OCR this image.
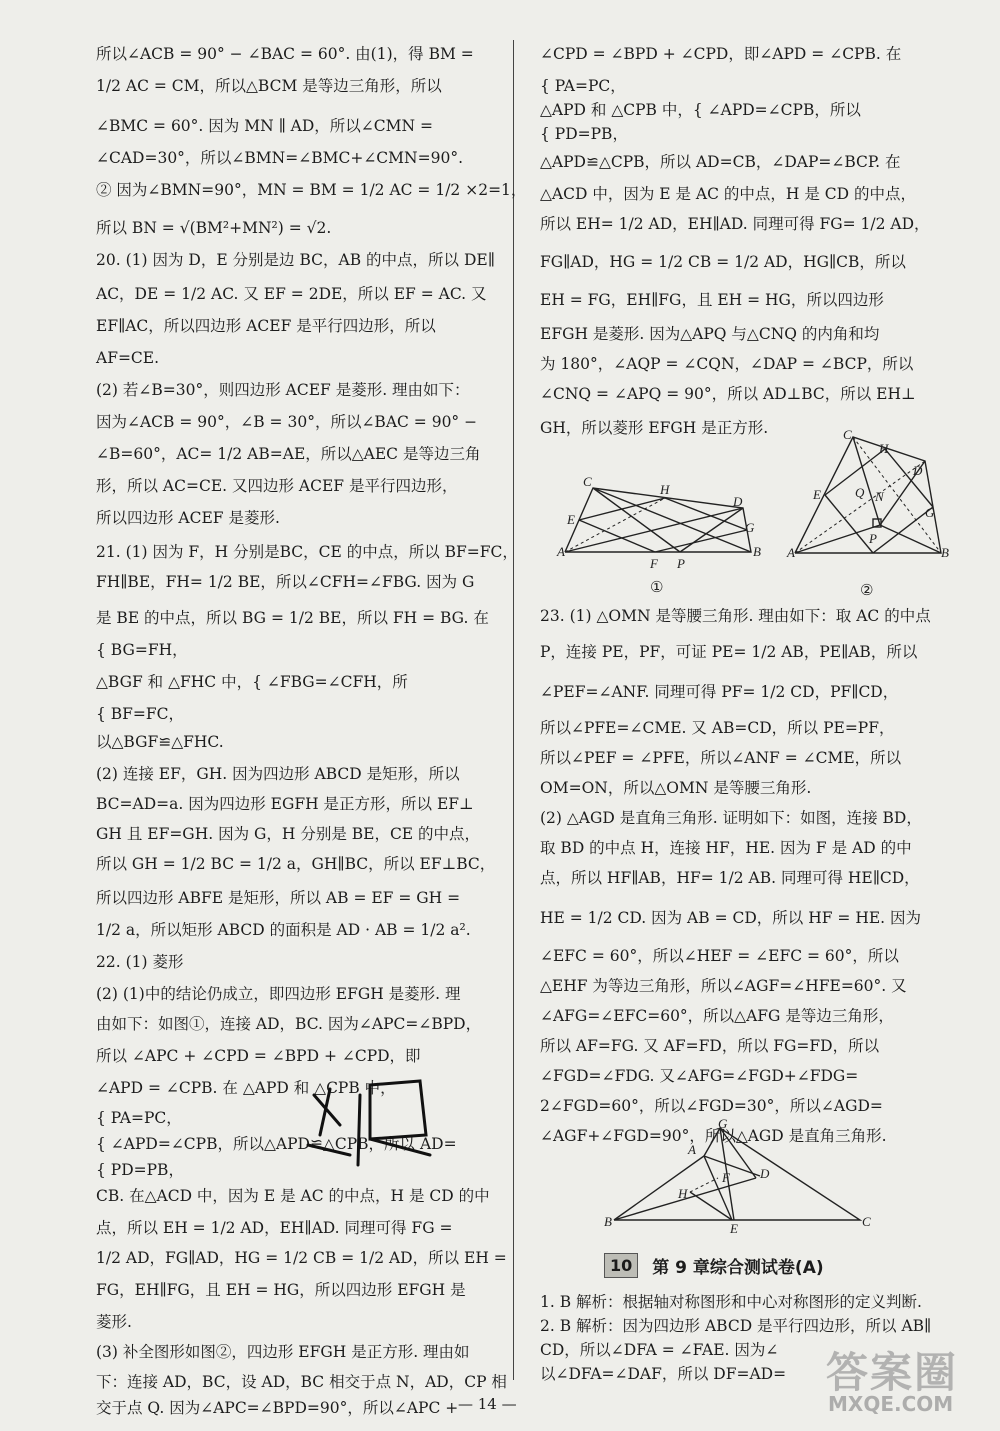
所以∠ACB = 90° − ∠BAC = 60°. 由(1)，得 BM =
1/2 AC = CM，所以△BCM 是等边三角形，所以
∠BMC = 60°. 因为 MN ∥ AD，所以∠CMN =
∠CAD=30°，所以∠BMN=∠BMC+∠CMN=90°.
② 因为∠BMN=90°，MN = BM = 1/2 AC = 1/2 ×2=1，
所以 BN = √(BM²+MN²) = √2.
20. (1) 因为 D，E 分别是边 BC，AB 的中点，所以 DE∥
AC，DE = 1/2 AC. 又 EF = 2DE，所以 EF = AC. 又
EF∥AC，所以四边形 ACEF 是平行四边形，所以
AF=CE.
(2) 若∠B=30°，则四边形 ACEF 是菱形. 理由如下：
因为∠ACB = 90°，∠B = 30°，所以∠BAC = 90° −
∠B=60°，AC= 1/2 AB=AE，所以△AEC 是等边三角
形，所以 AC=CE. 又四边形 ACEF 是平行四边形，
所以四边形 ACEF 是菱形.
21. (1) 因为 F，H 分别是BC，CE 的中点，所以 BF=FC，
FH∥BE，FH= 1/2 BE，所以∠CFH=∠FBG. 因为 G
是 BE 的中点，所以 BG = 1/2 BE，所以 FH = BG. 在
{ BG=FH，
△BGF 和 △FHC 中，{ ∠FBG=∠CFH，所
{ BF=FC，
以△BGF≌△FHC.
(2) 连接 EF，GH. 因为四边形 ABCD 是矩形，所以
BC=AD=a. 因为四边形 EGFH 是正方形，所以 EF⊥
GH 且 EF=GH. 因为 G，H 分别是 BE，CE 的中点，
所以 GH = 1/2 BC = 1/2 a，GH∥BC，所以 EF⊥BC，
所以四边形 ABFE 是矩形，所以 AB = EF = GH =
1/2 a，所以矩形 ABCD 的面积是 AD · AB = 1/2 a².
22. (1) 菱形
(2) (1)中的结论仍成立，即四边形 EFGH 是菱形. 理
由如下：如图①，连接 AD，BC. 因为∠APC=∠BPD，
所以 ∠APC + ∠CPD = ∠BPD + ∠CPD，即
∠APD = ∠CPB. 在 △APD 和 △CPB 中，
{ PA=PC，
{ ∠APD=∠CPB，所以△APD≌△CPB，所以 AD=
{ PD=PB，
CB. 在△ACD 中，因为 E 是 AC 的中点，H 是 CD 的中
点，所以 EH = 1/2 AD，EH∥AD. 同理可得 FG =
1/2 AD，FG∥AD，HG = 1/2 CB = 1/2 AD，所以 EH =
FG，EH∥FG，且 EH = HG，所以四边形 EFGH 是
菱形.
(3) 补全图形如图②，四边形 EFGH 是正方形. 理由如
下：连接 AD，BC，设 AD，BC 相交于点 N，AD，CP 相
交于点 Q. 因为∠APC=∠BPD=90°，所以∠APC +
∠CPD = ∠BPD + ∠CPD，即∠APD = ∠CPB. 在
{ PA=PC，
△APD 和 △CPB 中，{ ∠APD=∠CPB，所以
{ PD=PB，
△APD≌△CPB，所以 AD=CB，∠DAP=∠BCP. 在
△ACD 中，因为 E 是 AC 的中点，H 是 CD 的中点，
所以 EH= 1/2 AD，EH∥AD. 同理可得 FG= 1/2 AD，
FG∥AD，HG = 1/2 CB = 1/2 AD，HG∥CB，所以
EH = FG，EH∥FG，且 EH = HG，所以四边形
EFGH 是菱形. 因为△APQ 与△CNQ 的内角和均
为 180°，∠AQP = ∠CQN，∠DAP = ∠BCP，所以
∠CNQ = ∠APQ = 90°，所以 AD⊥BC，所以 EH⊥
GH，所以菱形 EFGH 是正方形.
23. (1) △OMN 是等腰三角形. 理由如下：取 AC 的中点
P，连接 PE，PF，可证 PE= 1/2 AB，PE∥AB，所以
∠PEF=∠ANF. 同理可得 PF= 1/2 CD，PF∥CD，
所以∠PFE=∠CME. 又 AB=CD，所以 PE=PF，
所以∠PEF = ∠PFE，所以∠ANF = ∠CME，所以
OM=ON，所以△OMN 是等腰三角形.
(2) △AGD 是直角三角形. 证明如下：如图，连接 BD，
取 BD 的中点 H，连接 HF，HE. 因为 F 是 AD 的中
点，所以 HF∥AB，HF= 1/2 AB. 同理可得 HE∥CD，
HE = 1/2 CD. 因为 AB = CD，所以 HF = HE. 因为
∠EFC = 60°，所以∠HEF = ∠EFC = 60°，所以
△EHF 为等边三角形，所以∠AGF=∠HFE=60°. 又
∠AFG=∠EFC=60°，所以△AFG 是等边三角形，
所以 AF=FG. 又 AF=FD，所以 FG=FD，所以
∠FGD=∠FDG. 又∠AFG=∠FGD+∠FDG=
2∠FGD=60°，所以∠FGD=30°，所以∠AGD=
∠AGF+∠FGD=90°，所以△AGD 是直角三角形.
1. B 解析：根据轴对称图形和中心对称图形的定义判断.
2. B 解析：因为四边形 ABCD 是平行四边形，所以 AB∥
CD，所以∠DFA = ∠FAE. 因为∠
以∠DFA=∠DAF，所以 DF=AD=
C
H
D
E
G
A
F P
B
①
C
H
D
E	Q N
G
A
P
B
②
G
A
F D
H
B	E	C
10	第 9 章综合测试卷(A)
— 14 —
答案圈
MXQE.COM
